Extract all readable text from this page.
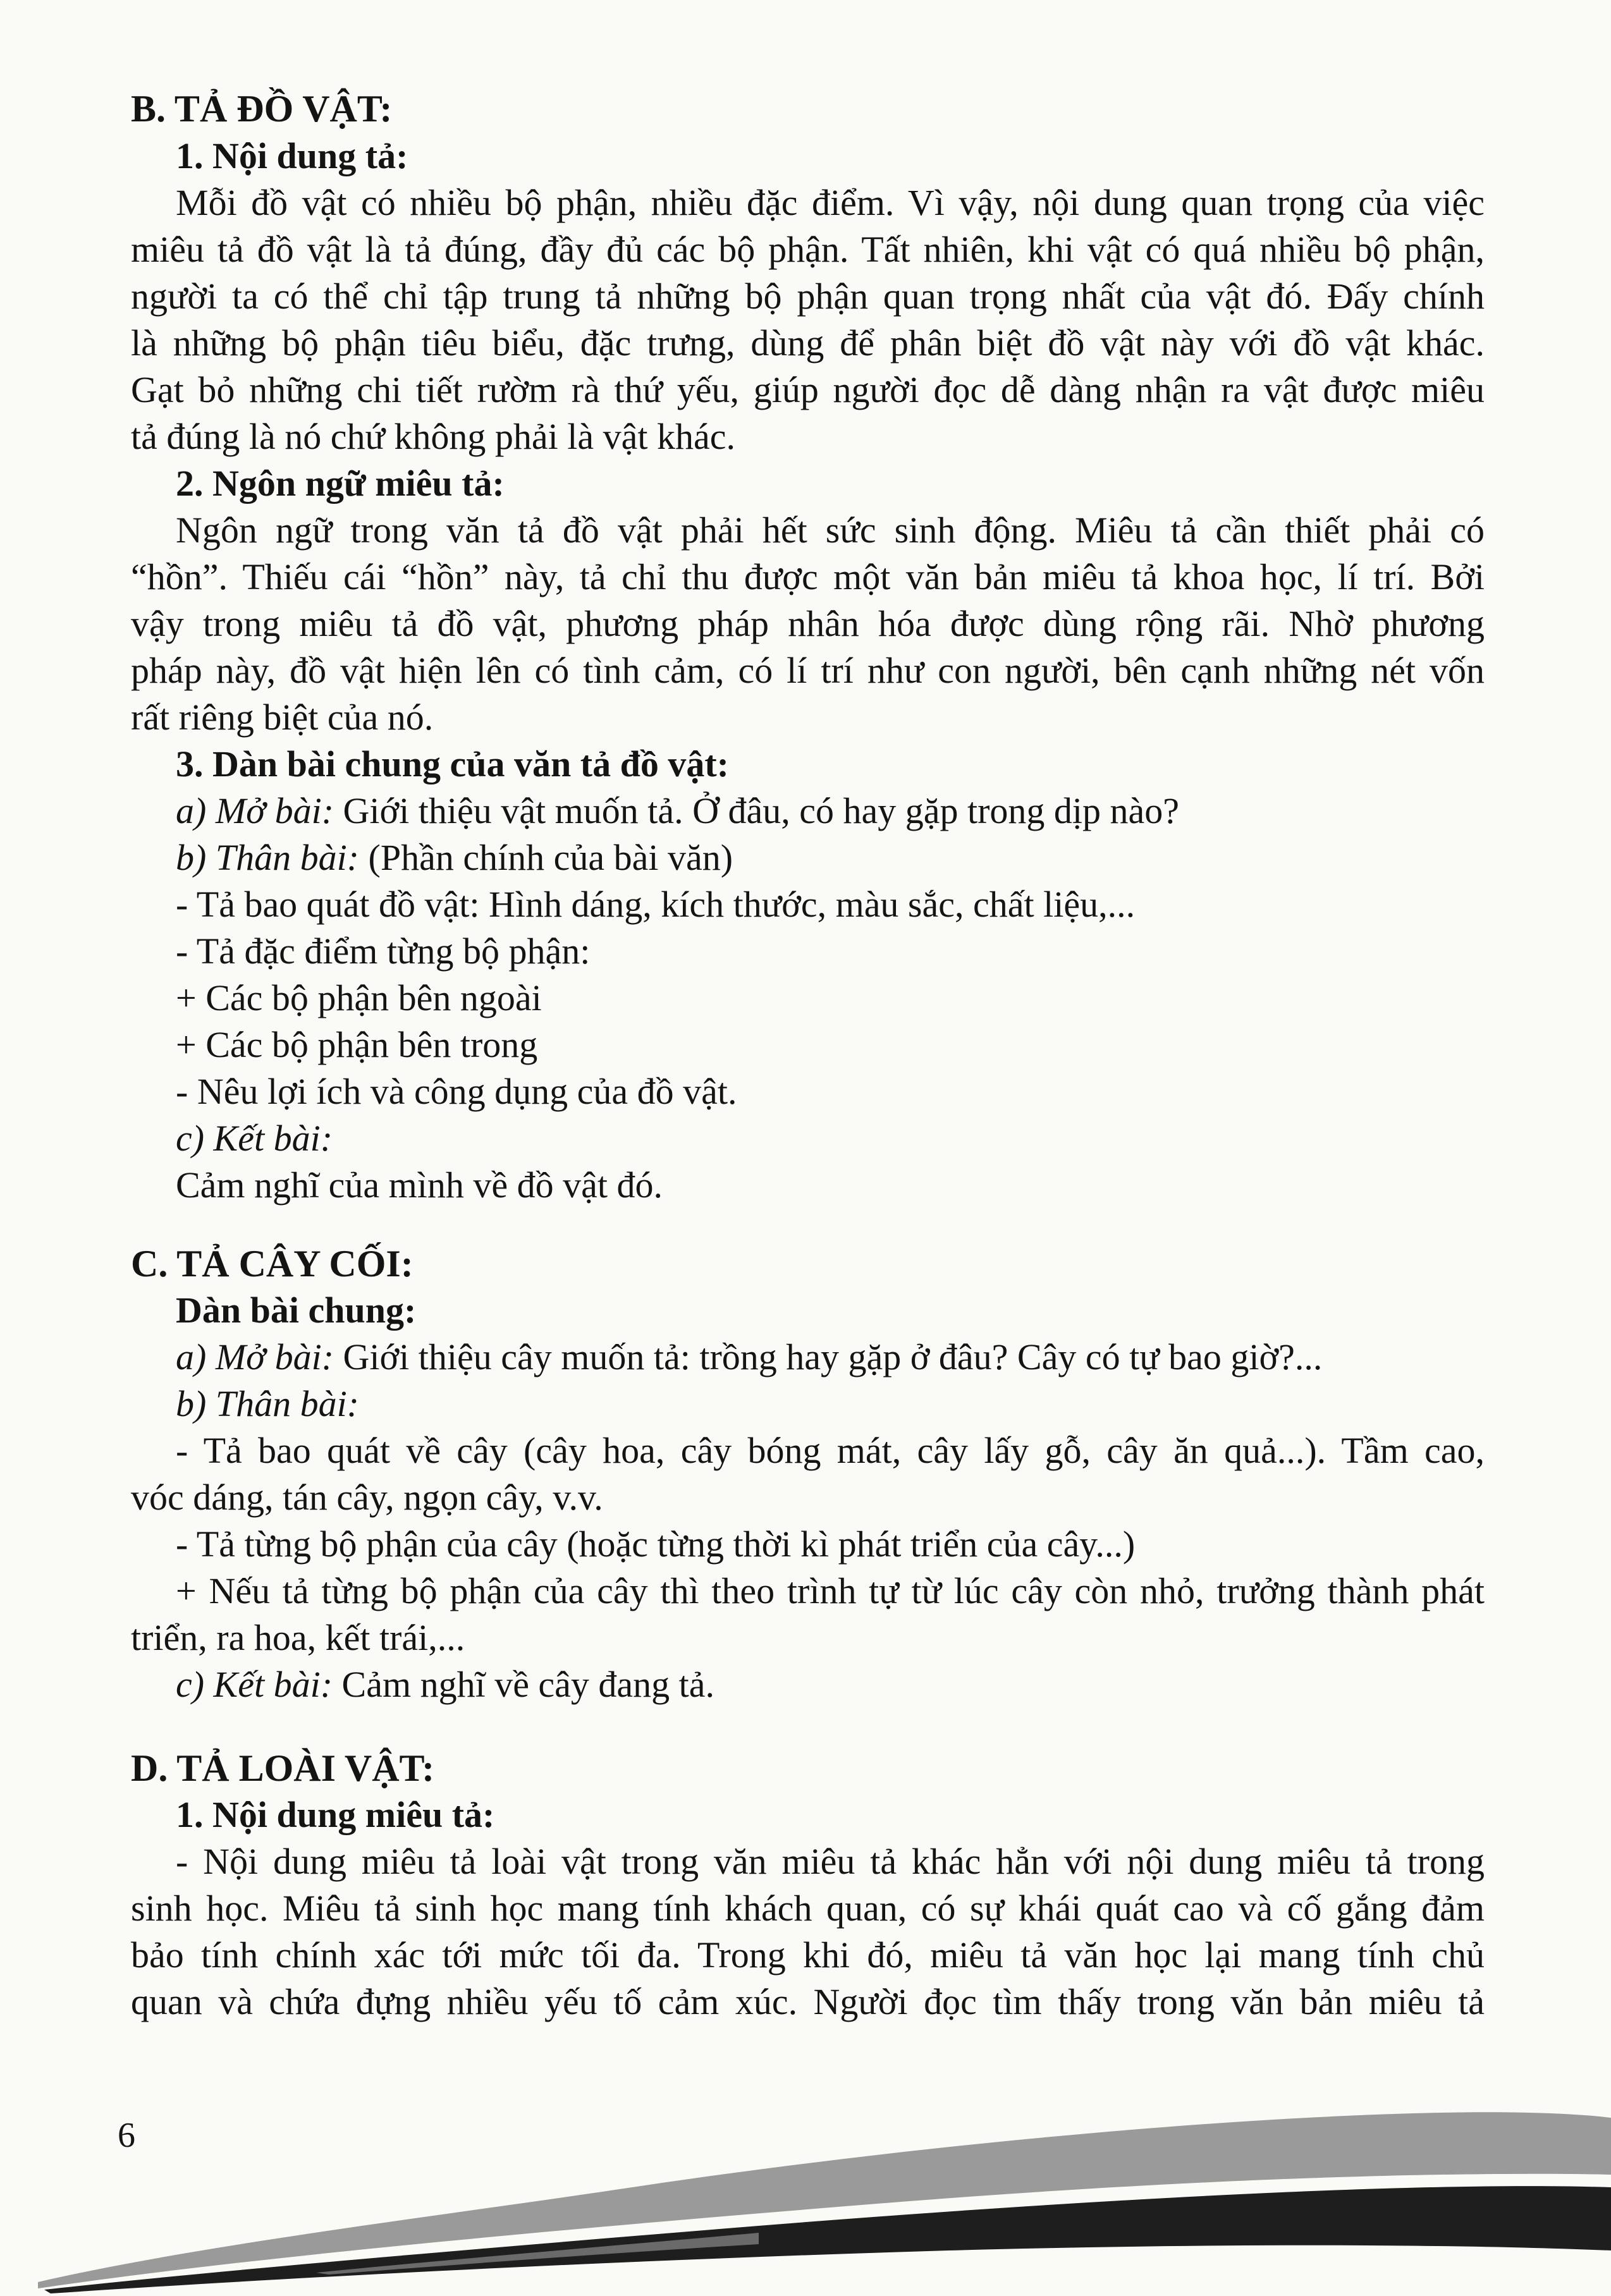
B. TẢ ĐỒ VẬT:

1. Nội dung tả:

Mỗi đồ vật có nhiều bộ phận, nhiều đặc điểm. Vì vậy, nội dung quan trọng của việc

miêu tả đồ vật là tả đúng, đầy đủ các bộ phận. Tất nhiên, khi vật có quá nhiều bộ phận,

người ta có thể chỉ tập trung tả những bộ phận quan trọng nhất của vật đó. Đấy chính

là những bộ phận tiêu biểu, đặc trưng, dùng để phân biệt đồ vật này với đồ vật khác.

Gạt bỏ những chi tiết rườm rà thứ yếu, giúp người đọc dễ dàng nhận ra vật được miêu

tả đúng là nó chứ không phải là vật khác.

2. Ngôn ngữ miêu tả:

Ngôn ngữ trong văn tả đồ vật phải hết sức sinh động. Miêu tả cần thiết phải có

“hồn”. Thiếu cái “hồn” này, tả chỉ thu được một văn bản miêu tả khoa học, lí trí. Bởi

vậy trong miêu tả đồ vật, phương pháp nhân hóa được dùng rộng rãi. Nhờ phương

pháp này, đồ vật hiện lên có tình cảm, có lí trí như con người, bên cạnh những nét vốn

rất riêng biệt của nó.

3. Dàn bài chung của văn tả đồ vật:

a) Mở bài: Giới thiệu vật muốn tả. Ở đâu, có hay gặp trong dịp nào?

b) Thân bài: (Phần chính của bài văn)

- Tả bao quát đồ vật: Hình dáng, kích thước, màu sắc, chất liệu,...

- Tả đặc điểm từng bộ phận:

+ Các bộ phận bên ngoài

+ Các bộ phận bên trong

- Nêu lợi ích và công dụng của đồ vật.

c) Kết bài:

Cảm nghĩ của mình về đồ vật đó.

C. TẢ CÂY CỐI:

Dàn bài chung:

a) Mở bài: Giới thiệu cây muốn tả: trồng hay gặp ở đâu? Cây có tự bao giờ?...

b) Thân bài:

- Tả bao quát về cây (cây hoa, cây bóng mát, cây lấy gỗ, cây ăn quả...). Tầm cao,

vóc dáng, tán cây, ngọn cây, v.v.

- Tả từng bộ phận của cây (hoặc từng thời kì phát triển của cây...)

+ Nếu tả từng bộ phận của cây thì theo trình tự từ lúc cây còn nhỏ, trưởng thành phát

triển, ra hoa, kết trái,...

c) Kết bài: Cảm nghĩ về cây đang tả.

D. TẢ LOÀI VẬT:

1. Nội dung miêu tả:

- Nội dung miêu tả loài vật trong văn miêu tả khác hẳn với nội dung miêu tả trong

sinh học. Miêu tả sinh học mang tính khách quan, có sự khái quát cao và cố gắng đảm

bảo tính chính xác tới mức tối đa. Trong khi đó, miêu tả văn học lại mang tính chủ

quan và chứa đựng nhiều yếu tố cảm xúc. Người đọc tìm thấy trong văn bản miêu tả

6
